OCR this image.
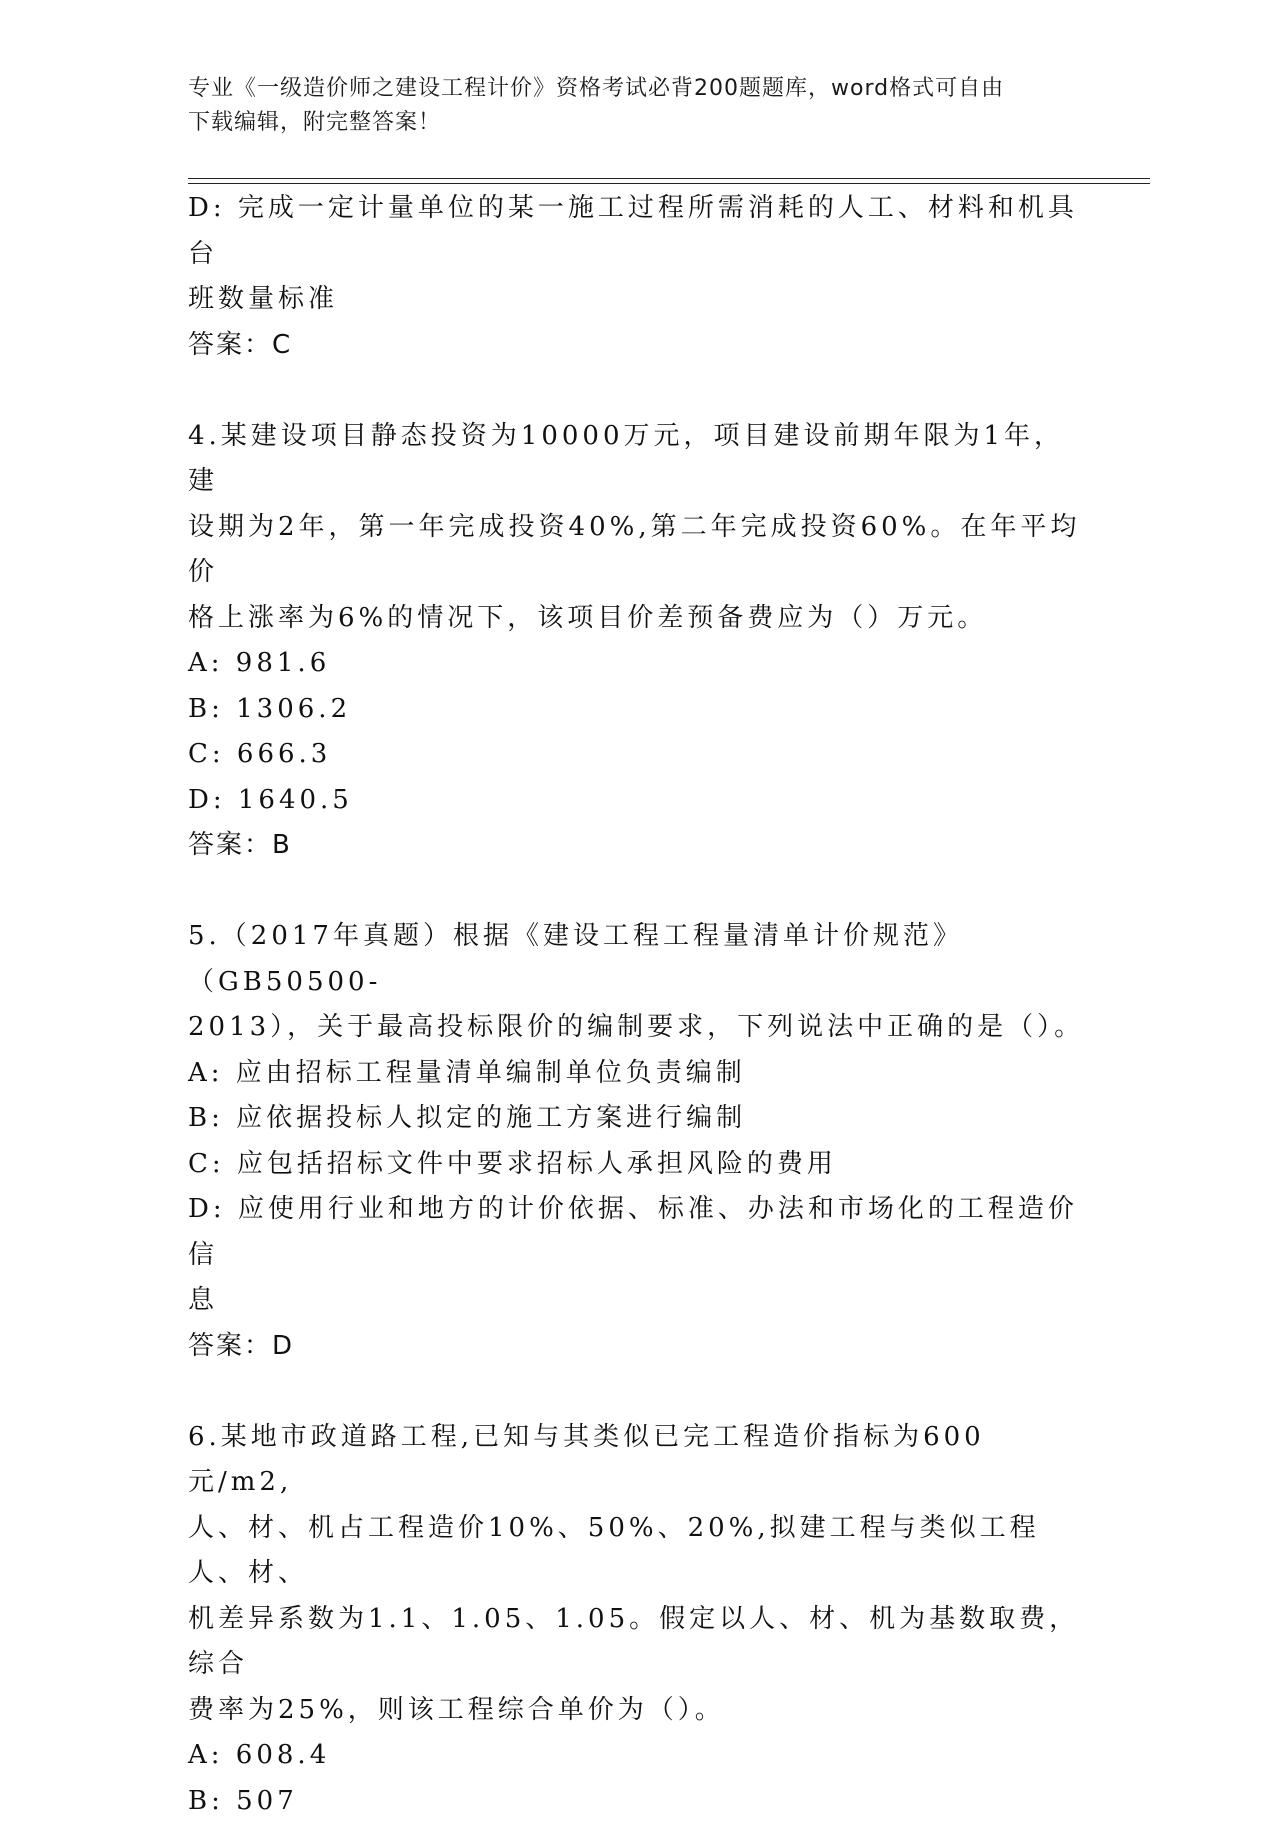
专业《一级造价师之建设工程计价》资格考试必背200题题库，word格式可自由
下载编辑，附完整答案！
D: 完成一定计量单位的某一施工过程所需消耗的人工、材料和机具台
班数量标准
答案：C
4.某建设项目静态投资为10000万元，项目建设前期年限为1年，建
设期为2年，第一年完成投资40%,第二年完成投资60%。在年平均价
格上涨率为6%的情况下，该项目价差预备费应为（）万元。
A: 981.6
B: 1306.2
C: 666.3
D: 1640.5
答案：B
5.（2017年真题）根据《建设工程工程量清单计价规范》（GB50500-
2013），关于最高投标限价的编制要求，下列说法中正确的是（）。
A: 应由招标工程量清单编制单位负责编制
B: 应依据投标人拟定的施工方案进行编制
C: 应包括招标文件中要求招标人承担风险的费用
D: 应使用行业和地方的计价依据、标准、办法和市场化的工程造价信
息
答案：D
6.某地市政道路工程,已知与其类似已完工程造价指标为600元/m2,
人、材、机占工程造价10%、50%、20%,拟建工程与类似工程人、材、
机差异系数为1.1、1.05、1.05。假定以人、材、机为基数取费，综合
费率为25%，则该工程综合单价为（）。
A: 608.4
B: 507
